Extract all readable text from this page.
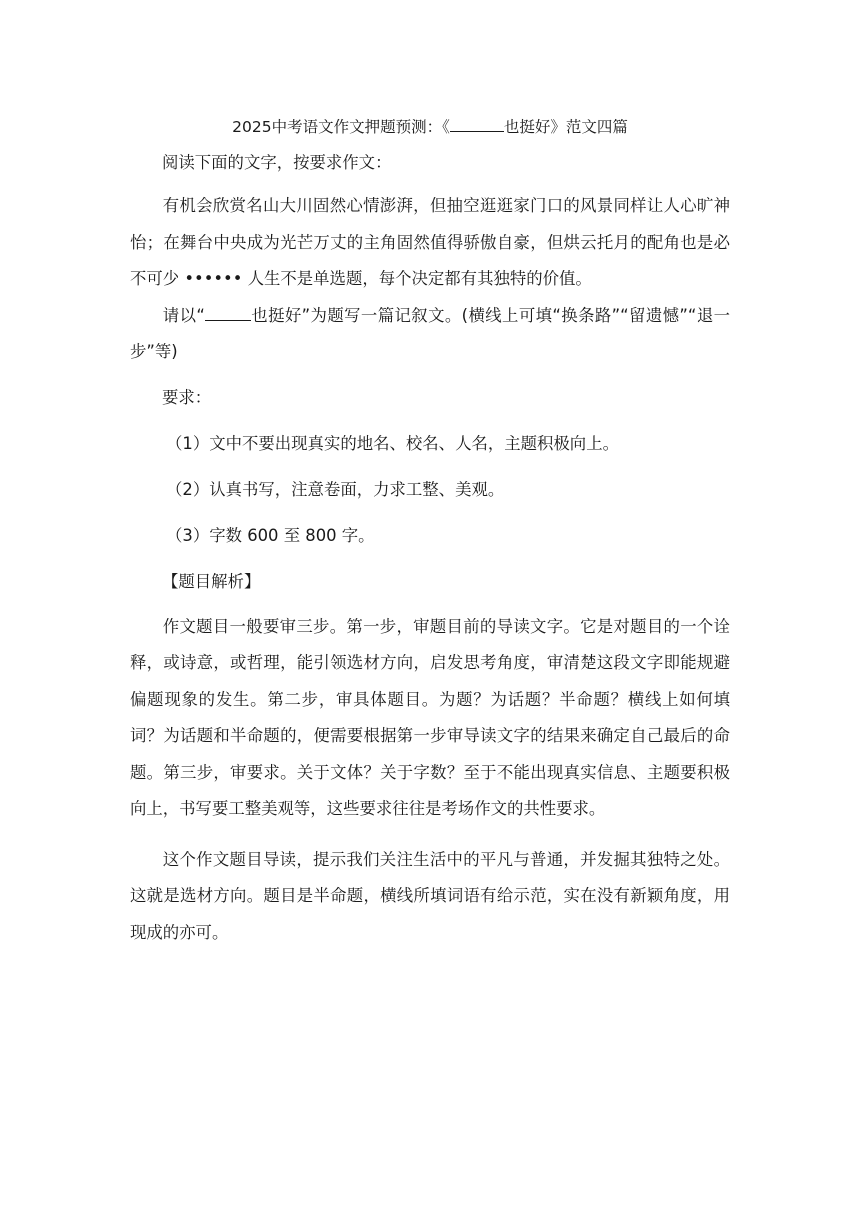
2025中考语文作文押题预测：《	也挺好》范文四篇

阅读下面的文字，按要求作文：

有机会欣赏名山大川固然心情澎湃，但抽空逛逛家门口的风景同样让人心旷神怡；在舞台中央成为光芒万丈的主角固然值得骄傲自豪，但烘云托月的配角也是必不可少 •••••• 人生不是单选题，每个决定都有其独特的价值。

请以“	也挺好”为题写一篇记叙文。(横线上可填“换条路”“留遗憾”“退一步”等)

要求：

（1）文中不要出现真实的地名、校名、人名，主题积极向上。

（2）认真书写，注意卷面，力求工整、美观。

（3）字数 600 至 800 字。

【题目解析】

作文题目一般要审三步。第一步，审题目前的导读文字。它是对题目的一个诠释，或诗意，或哲理，能引领选材方向，启发思考角度，审清楚这段文字即能规避偏题现象的发生。第二步，审具体题目。为题？为话题？半命题？横线上如何填词？为话题和半命题的，便需要根据第一步审导读文字的结果来确定自己最后的命题。第三步，审要求。关于文体？关于字数？至于不能出现真实信息、主题要积极向上，书写要工整美观等，这些要求往往是考场作文的共性要求。

这个作文题目导读，提示我们关注生活中的平凡与普通，并发掘其独特之处。这就是选材方向。题目是半命题，横线所填词语有给示范，实在没有新颖角度，用现成的亦可。
